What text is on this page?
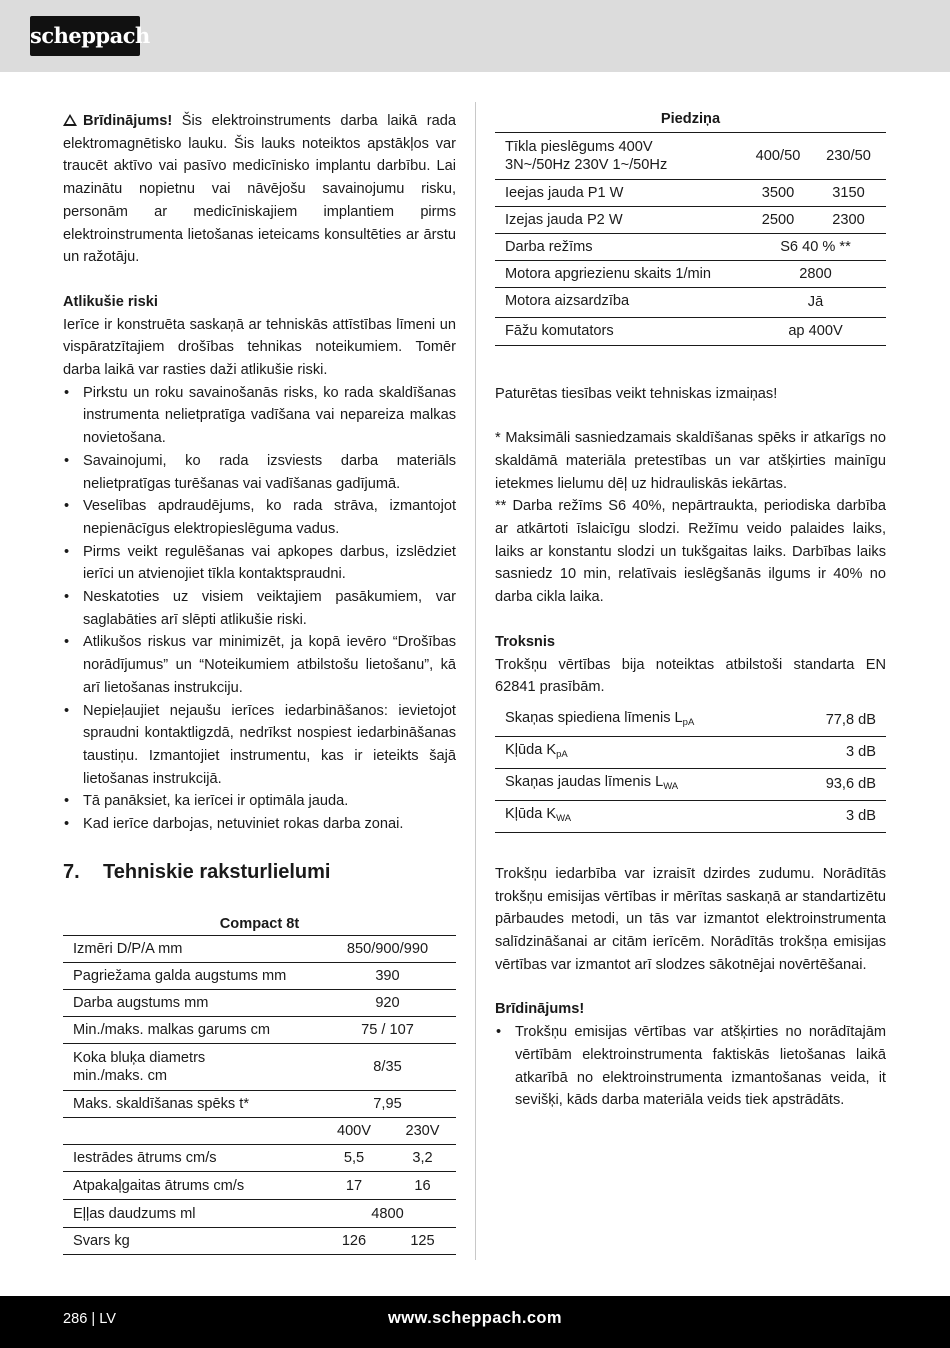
scheppach

Brīdinājums! Šis elektroinstruments darba laikā rada elektromagnētisko lauku. Šis lauks noteiktos apstākļos var traucēt aktīvo vai pasīvo medicīnisko implantu darbību. Lai mazinātu nopietnu vai nāvējošu savainojumu risku, personām ar medicīniskajiem implantiem pirms elektroinstrumenta lietošanas ieteicams konsultēties ar ārstu un ražotāju.

Atlikušie riski

Ierīce ir konstruēta saskaņā ar tehniskās attīstības līmeni un vispāratzītajiem drošības tehnikas noteikumiem. Tomēr darba laikā var rasties daži atlikušie riski.

• Pirkstu un roku savainošanās risks, ko rada skaldīšanas instrumenta nelietpratīga vadīšana vai nepareiza malkas novietošana.
• Savainojumi, ko rada izsviests darba materiāls nelietpratīgas turēšanas vai vadīšanas gadījumā.
• Veselības apdraudējums, ko rada strāva, izmantojot nepienācīgus elektropieslēguma vadus.
• Pirms veikt regulēšanas vai apkopes darbus, izslēdziet ierīci un atvienojiet tīkla kontaktspraudni.
• Neskatoties uz visiem veiktajiem pasākumiem, var saglabāties arī slēpti atlikušie riski.
• Atlikušos riskus var minimizēt, ja kopā ievēro “Drošības norādījumus” un “Noteikumiem atbilstošu lietošanu”, kā arī lietošanas instrukciju.
• Nepieļaujiet nejaušu ierīces iedarbināšanos: ievietojot spraudni kontaktligzdā, nedrīkst nospiest iedarbināšanas taustiņu. Izmantojiet instrumentu, kas ir ieteikts šajā lietošanas instrukcijā.
• Tā panāksiet, ka ierīcei ir optimāla jauda.
• Kad ierīce darbojas, netuviniet rokas darba zonai.
7. Tehniskie raksturlielumi
Compact 8t
Izmēri D/P/A mm	850/900/990	
Pagriežama galda augstums mm	390	
Darba augstums mm	920	
Min./maks. malkas garums cm	75 / 107	
Koka bluķa diametrs min./maks. cm	8/35	
Maks. skaldīšanas spēks t*	7,95	
	400V	230V
Iestrādes ātrums cm/s	5,5	3,2
Atpakaļgaitas ātrums cm/s	17	16
Eļļas daudzums ml	4800	
Svars kg	126	125
Piedziņa
Tīkla pieslēgums 400V 3N~/50Hz 230V 1~/50Hz	400/50	230/50
Ieejas jauda P1 W	3500	3150
Izejas jauda P2 W	2500	2300
Darba režīms	S6 40 % **	
Motora apgriezienu skaits 1/min	2800	
Motora aizsardzība	Jā	
Fāžu komutators	ap 400V	

Paturētas tiesības veikt tehniskas izmaiņas!

* Maksimāli sasniedzamais skaldīšanas spēks ir atkarīgs no skaldāmā materiāla pretestības un var atšķirties mainīgu ietekmes lielumu dēļ uz hidrauliskās iekārtas.

** Darba režīms S6 40%, nepārtraukta, periodiska darbība ar atkārtoti īslaicīgu slodzi. Režīmu veido palaides laiks, laiks ar konstantu slodzi un tukšgaitas laiks. Darbības laiks sasniedz 10 min, relatīvais ieslēgšanās ilgums ir 40% no darba cikla laika.

Troksnis

Trokšņu vērtības bija noteiktas atbilstoši standarta EN 62841 prasībām.

Skaņas spiediena līmenis $L_{pA}$	77,8 dB
Kļūda $K_{pA}$	3 dB
Skaņas jaudas līmenis $L_{WA}$	93,6 dB
Kļūda $K_{WA}$	3 dB

Trokšņu iedarbība var izraisīt dzirdes zudumu. Norādītās trokšņu emisijas vērtības ir mērītas saskaņā ar standartizētu pārbaudes metodi, un tās var izmantot elektroinstrumenta salīdzināšanai ar citām ierīcēm. Norādītās trokšņa emisijas vērtības var izmantot arī slodzes sākotnējai novērtēšanai.

Brīdinājums!
• Trokšņu emisijas vērtības var atšķirties no norādītajām vērtībām elektroinstrumenta faktiskās lietošanas laikā atkarībā no elektroinstrumenta izmantošanas veida, it sevišķi, kāds darba materiāla veids tiek apstrādāts.
286 | LV	www.scheppach.com
